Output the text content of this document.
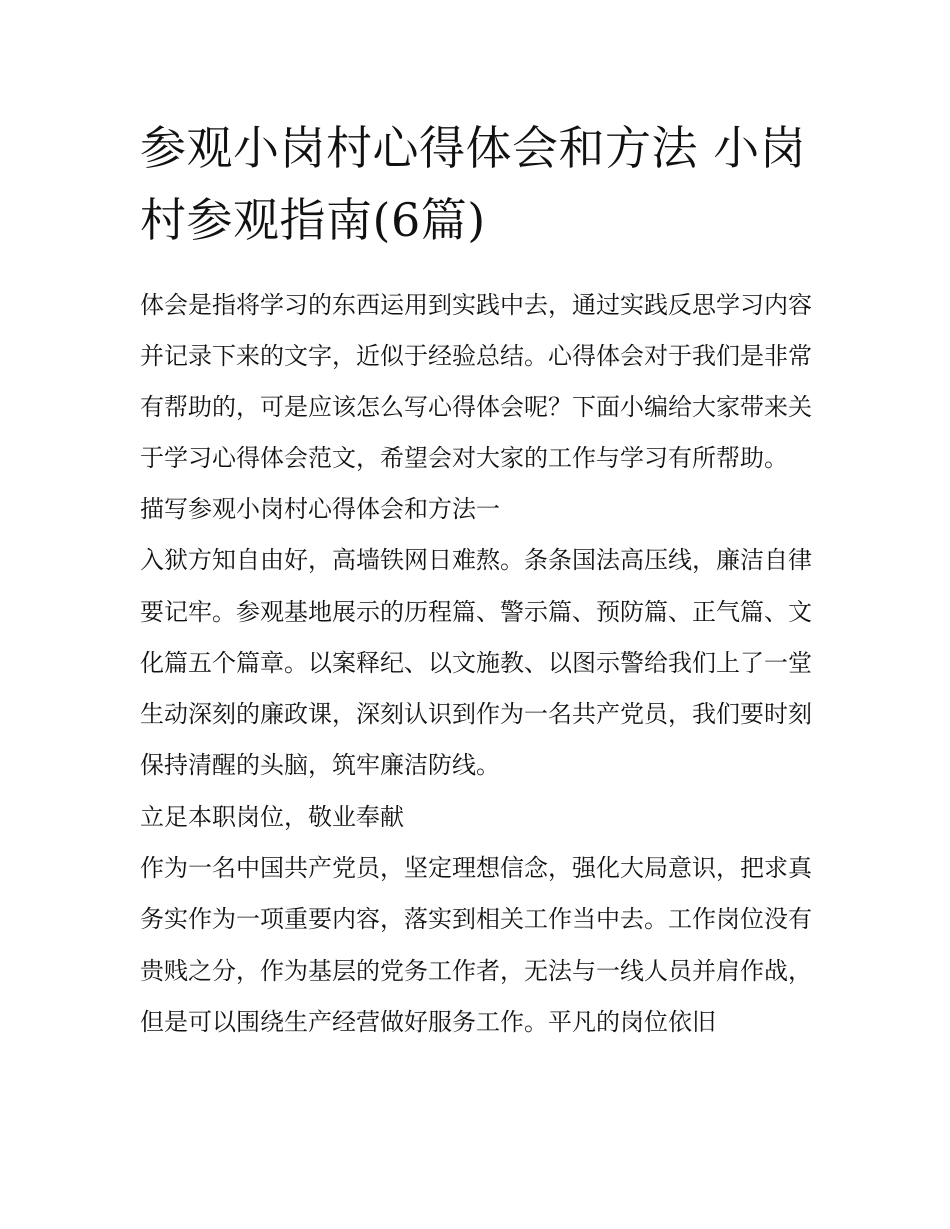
参观小岗村心得体会和方法 小岗村参观指南(6篇)

体会是指将学习的东西运用到实践中去，通过实践反思学习内容并记录下来的文字，近似于经验总结。心得体会对于我们是非常有帮助的，可是应该怎么写心得体会呢？下面小编给大家带来关于学习心得体会范文，希望会对大家的工作与学习有所帮助。

描写参观小岗村心得体会和方法一

入狱方知自由好，高墙铁网日难熬。条条国法高压线，廉洁自律要记牢。参观基地展示的历程篇、警示篇、预防篇、正气篇、文化篇五个篇章。以案释纪、以文施教、以图示警给我们上了一堂生动深刻的廉政课，深刻认识到作为一名共产党员，我们要时刻保持清醒的头脑，筑牢廉洁防线。

立足本职岗位，敬业奉献

作为一名中国共产党员，坚定理想信念，强化大局意识，把求真务实作为一项重要内容，落实到相关工作当中去。工作岗位没有贵贱之分，作为基层的党务工作者，无法与一线人员并肩作战，但是可以围绕生产经营做好服务工作。平凡的岗位依旧
